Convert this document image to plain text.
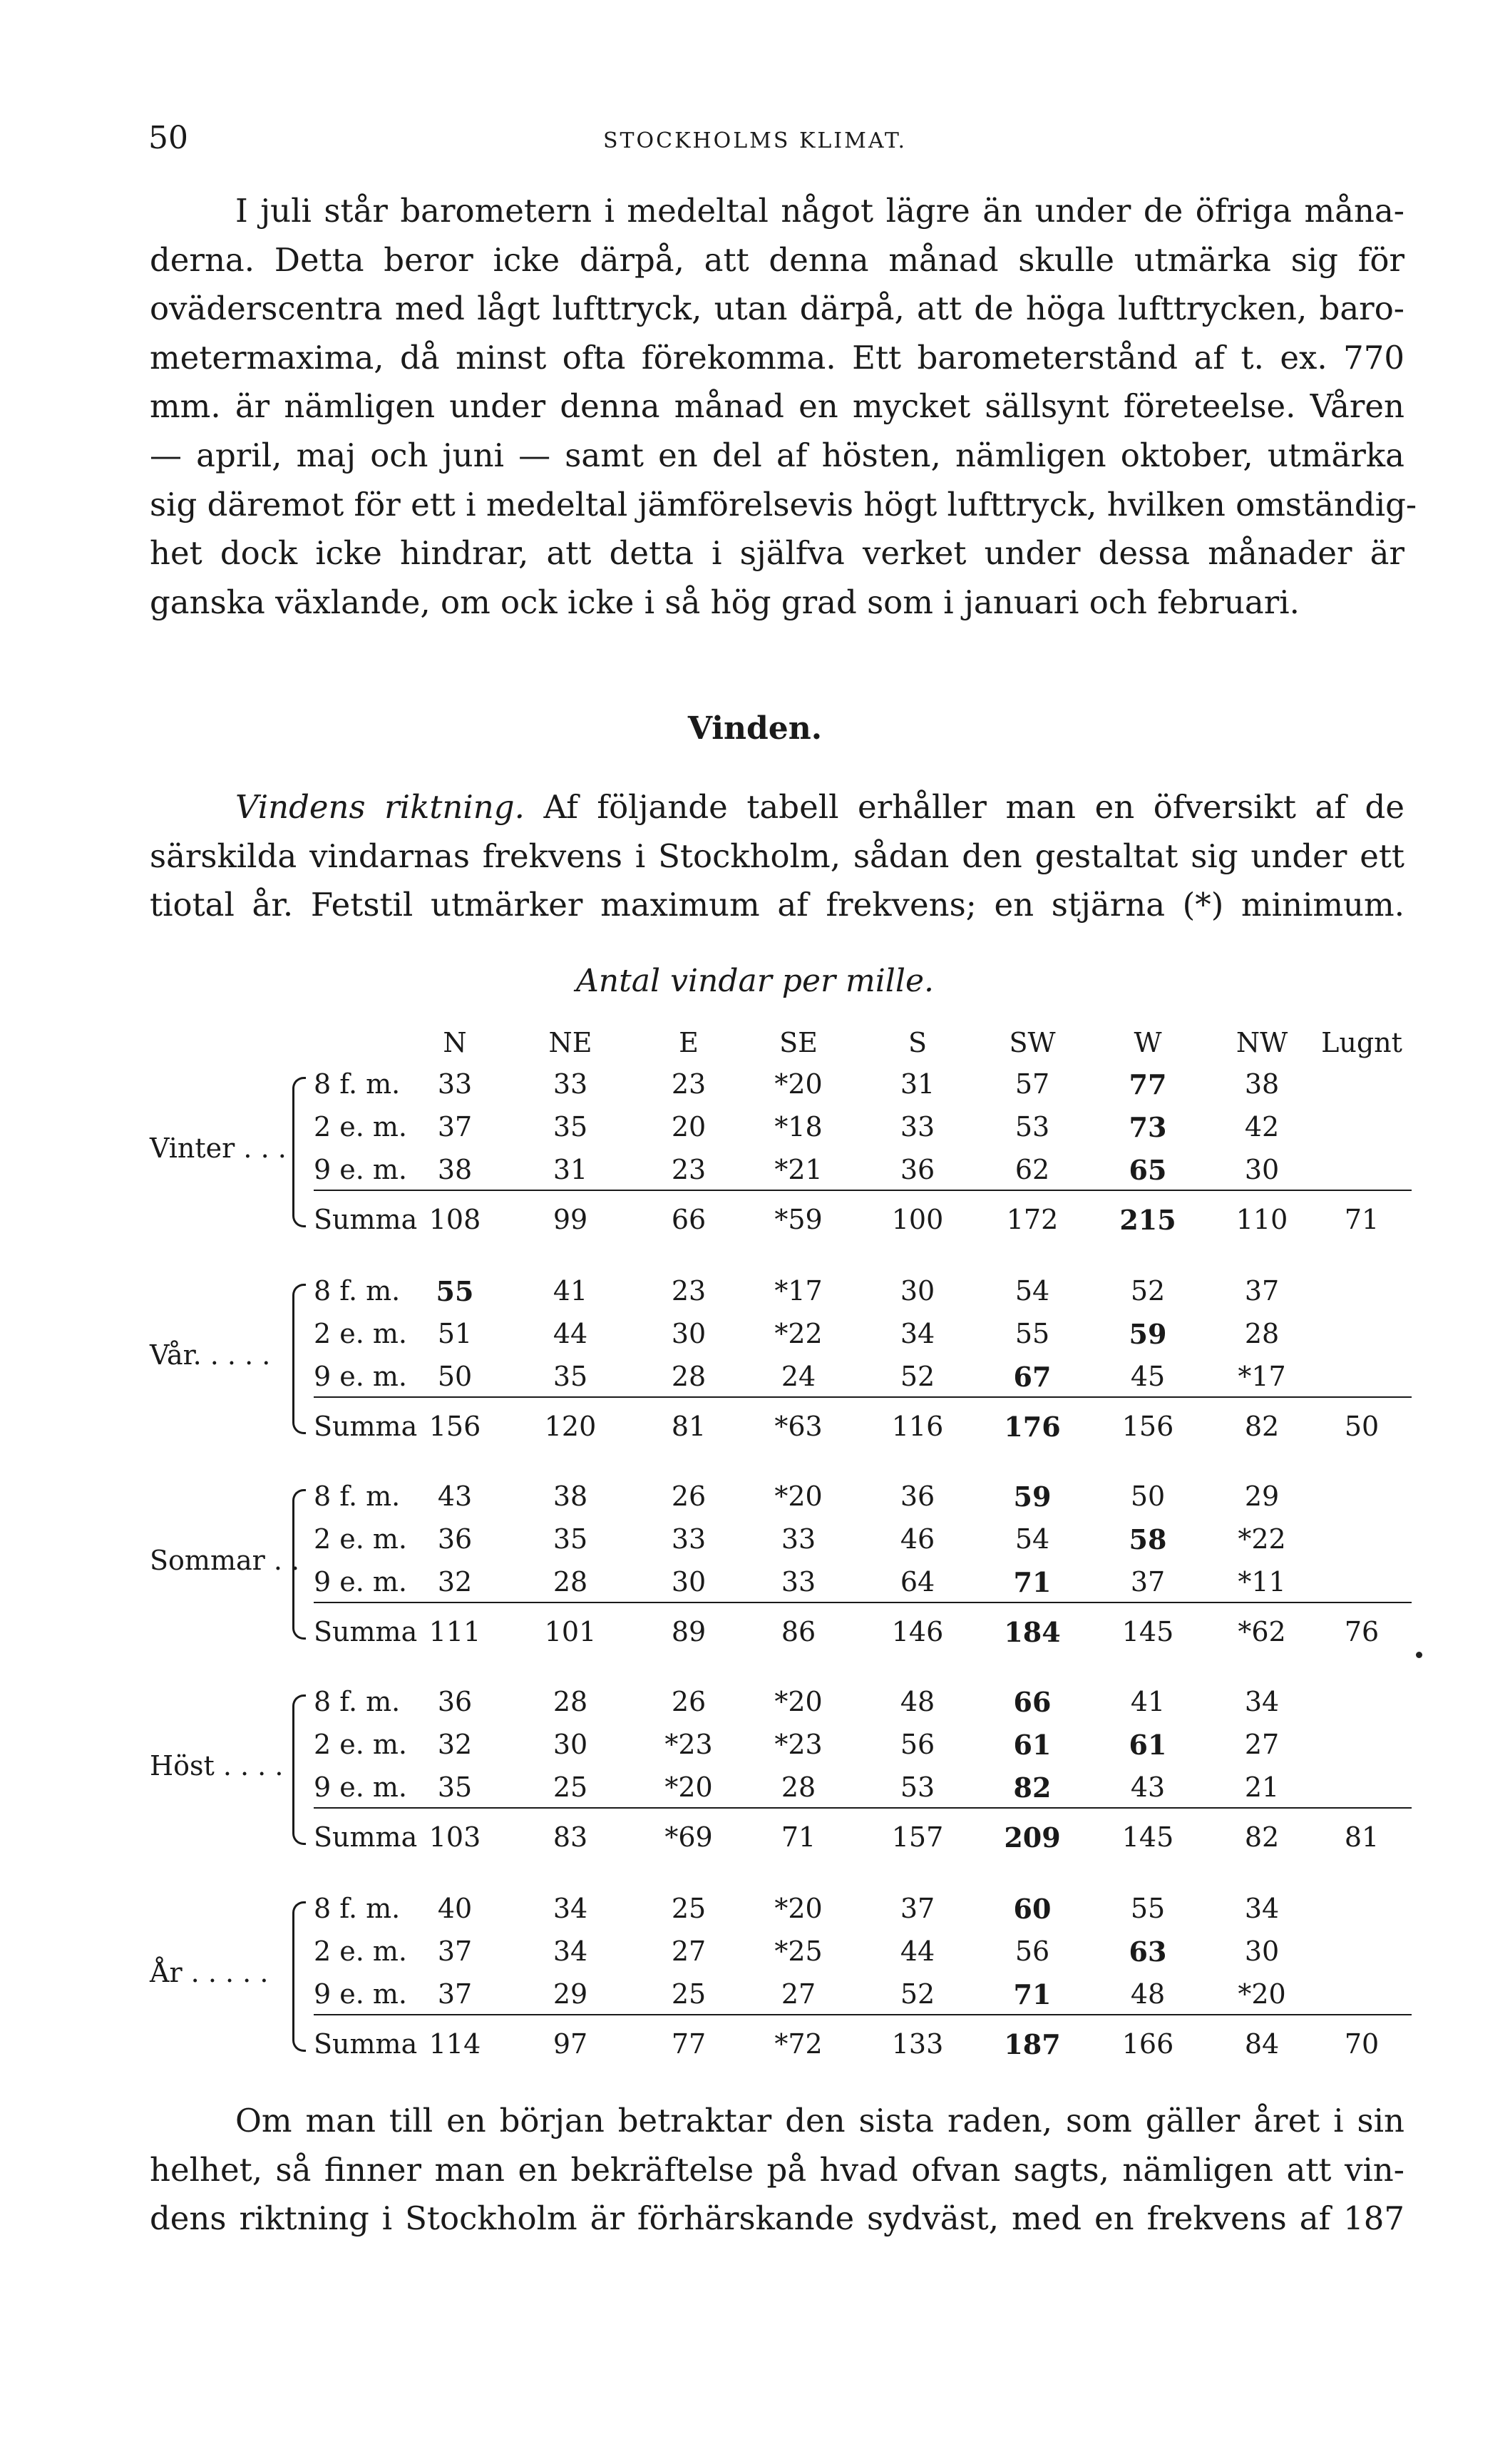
50	STOCKHOLMS KLIMAT.
I juli står barometern i medeltal något lägre än under de öfriga måna-
derna. Detta beror icke därpå, att denna månad skulle utmärka sig för
oväderscentra med lågt lufttryck, utan därpå, att de höga lufttrycken, baro-
metermaxima, då minst ofta förekomma. Ett barometerstånd af t. ex. 770
mm. är nämligen under denna månad en mycket sällsynt företeelse. Våren
— april, maj och juni — samt en del af hösten, nämligen oktober, utmärka
sig däremot för ett i medeltal jämförelsevis högt lufttryck, hvilken omständig-
het dock icke hindrar, att detta i själfva verket under dessa månader är
ganska växlande, om ock icke i så hög grad som i januari och februari.
Vinden.
Vindens riktning. Af följande tabell erhåller man en öfversikt af de
särskilda vindarnas frekvens i Stockholm, sådan den gestaltat sig under ett
tiotal år. Fetstil utmärker maximum af frekvens; en stjärna (*) minimum.
Antal vindar per mille.
N	NE	E	SE	S	SW	W	NW	Lugnt
Vinter . . .
8 f. m.	33	33	23	*20	31	57	77	38
2 e. m.	37	35	20	*18	33	53	73	42
9 e. m.	38	31	23	*21	36	62	65	30
Summa 108	99	66	*59	100	172	215	110	71
Vår. . . . .
8 f. m.	55	41	23	*17	30	54	52	37
2 e. m.	51	44	30	*22	34	55	59	28
9 e. m.	50	35	28	24	52	67	45	*17
Summa 156	120	81	*63	116	176	156	82	50
Sommar . .
8 f. m.	43	38	26	*20	36	59	50	29
2 e. m.	36	35	33	33	46	54	58	*22
9 e. m.	32	28	30	33	64	71	37	*11
Summa 111	101	89	86	146	184	145	*62	76
Höst . . . .
8 f. m.	36	28	26	*20	48	66	41	34
2 e. m.	32	30	*23	*23	56	61	61	27
9 e. m.	35	25	*20	28	53	82	43	21
Summa 103	83	*69	71	157	209	145	82	81
År . . . . .
8 f. m.	40	34	25	*20	37	60	55	34
2 e. m.	37	34	27	*25	44	56	63	30
9 e. m.	37	29	25	27	52	71	48	*20
Summa 114	97	77	*72	133	187	166	84	70
Om man till en början betraktar den sista raden, som gäller året i sin
helhet, så finner man en bekräftelse på hvad ofvan sagts, nämligen att vin-
dens riktning i Stockholm är förhärskande sydväst, med en frekvens af 187
